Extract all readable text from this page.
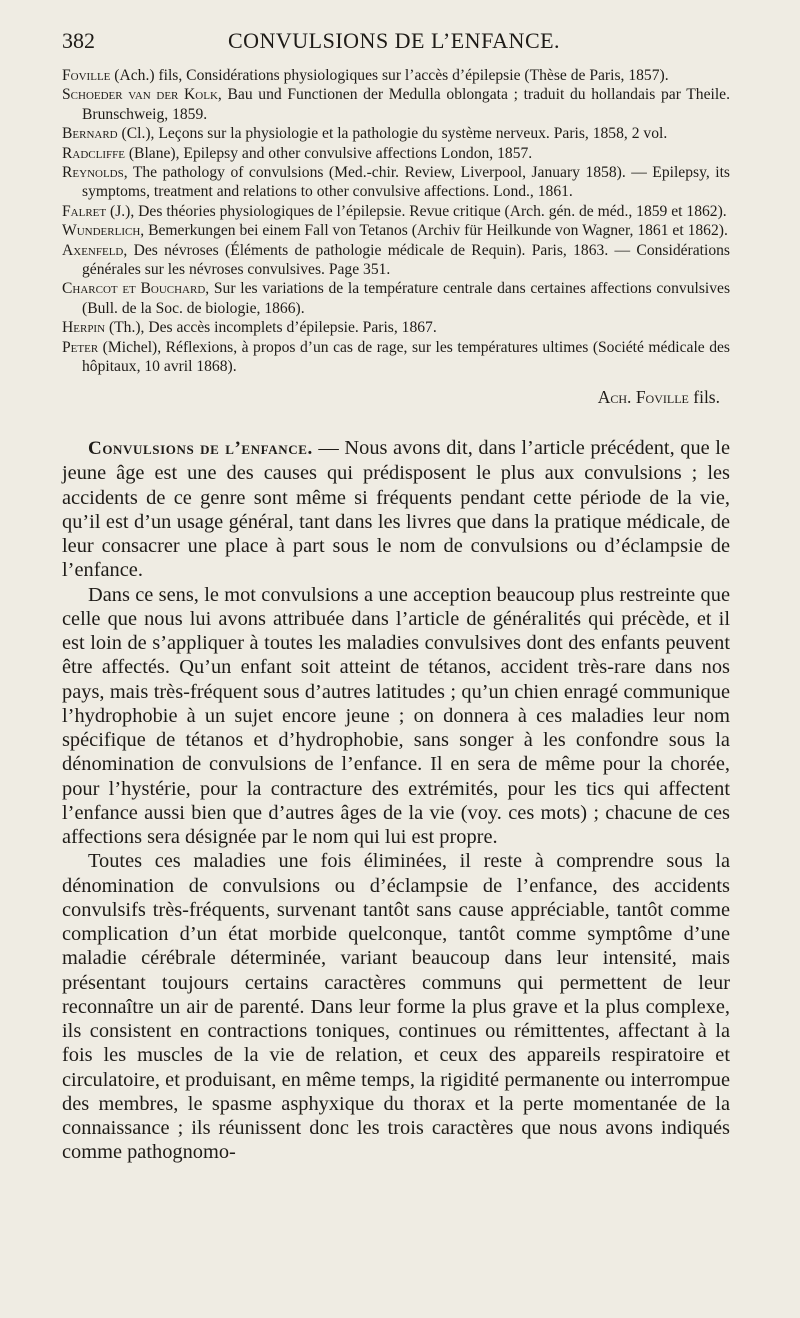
382	CONVULSIONS DE L’ENFANCE.
Foville (Ach.) fils, Considérations physiologiques sur l’accès d’épilepsie (Thèse de Paris, 1857).
Schoeder van der Kolk, Bau und Functionen der Medulla oblongata ; traduit du hollandais par Theile. Brunschweig, 1859.
Bernard (Cl.), Leçons sur la physiologie et la pathologie du système nerveux. Paris, 1858, 2 vol.
Radcliffe (Blane), Epilepsy and other convulsive affections London, 1857.
Reynolds, The pathology of convulsions (Med.-chir. Review, Liverpool, January 1858). — Epilepsy, its symptoms, treatment and relations to other convulsive affections. Lond., 1861.
Falret (J.), Des théories physiologiques de l’épilepsie. Revue critique (Arch. gén. de méd., 1859 et 1862).
Wunderlich, Bemerkungen bei einem Fall von Tetanos (Archiv für Heilkunde von Wagner, 1861 et 1862).
Axenfeld, Des névroses (Éléments de pathologie médicale de Requin). Paris, 1863. — Considérations générales sur les névroses convulsives. Page 351.
Charcot et Bouchard, Sur les variations de la température centrale dans certaines affections convulsives (Bull. de la Soc. de biologie, 1866).
Herpin (Th.), Des accès incomplets d’épilepsie. Paris, 1867.
Peter (Michel), Réflexions, à propos d’un cas de rage, sur les températures ultimes (Société médicale des hôpitaux, 10 avril 1868).
Ach. Foville fils.

Convulsions de l’enfance. — Nous avons dit, dans l’article précédent, que le jeune âge est une des causes qui prédisposent le plus aux convulsions ; les accidents de ce genre sont même si fréquents pendant cette période de la vie, qu’il est d’un usage général, tant dans les livres que dans la pratique médicale, de leur consacrer une place à part sous le nom de convulsions ou d’éclampsie de l’enfance.

Dans ce sens, le mot convulsions a une acception beaucoup plus restreinte que celle que nous lui avons attribuée dans l’article de généralités qui précède, et il est loin de s’appliquer à toutes les maladies convulsives dont des enfants peuvent être affectés. Qu’un enfant soit atteint de tétanos, accident très-rare dans nos pays, mais très-fréquent sous d’autres latitudes ; qu’un chien enragé communique l’hydrophobie à un sujet encore jeune ; on donnera à ces maladies leur nom spécifique de tétanos et d’hydrophobie, sans songer à les confondre sous la dénomination de convulsions de l’enfance. Il en sera de même pour la chorée, pour l’hystérie, pour la contracture des extrémités, pour les tics qui affectent l’enfance aussi bien que d’autres âges de la vie (voy. ces mots) ; chacune de ces affections sera désignée par le nom qui lui est propre.

Toutes ces maladies une fois éliminées, il reste à comprendre sous la dénomination de convulsions ou d’éclampsie de l’enfance, des accidents convulsifs très-fréquents, survenant tantôt sans cause appréciable, tantôt comme complication d’un état morbide quelconque, tantôt comme symptôme d’une maladie cérébrale déterminée, variant beaucoup dans leur intensité, mais présentant toujours certains caractères communs qui permettent de leur reconnaître un air de parenté. Dans leur forme la plus grave et la plus complexe, ils consistent en contractions toniques, continues ou rémittentes, affectant à la fois les muscles de la vie de relation, et ceux des appareils respiratoire et circulatoire, et produisant, en même temps, la rigidité permanente ou interrompue des membres, le spasme asphyxique du thorax et la perte momentanée de la connaissance ; ils réunissent donc les trois caractères que nous avons indiqués comme pathognomo-
